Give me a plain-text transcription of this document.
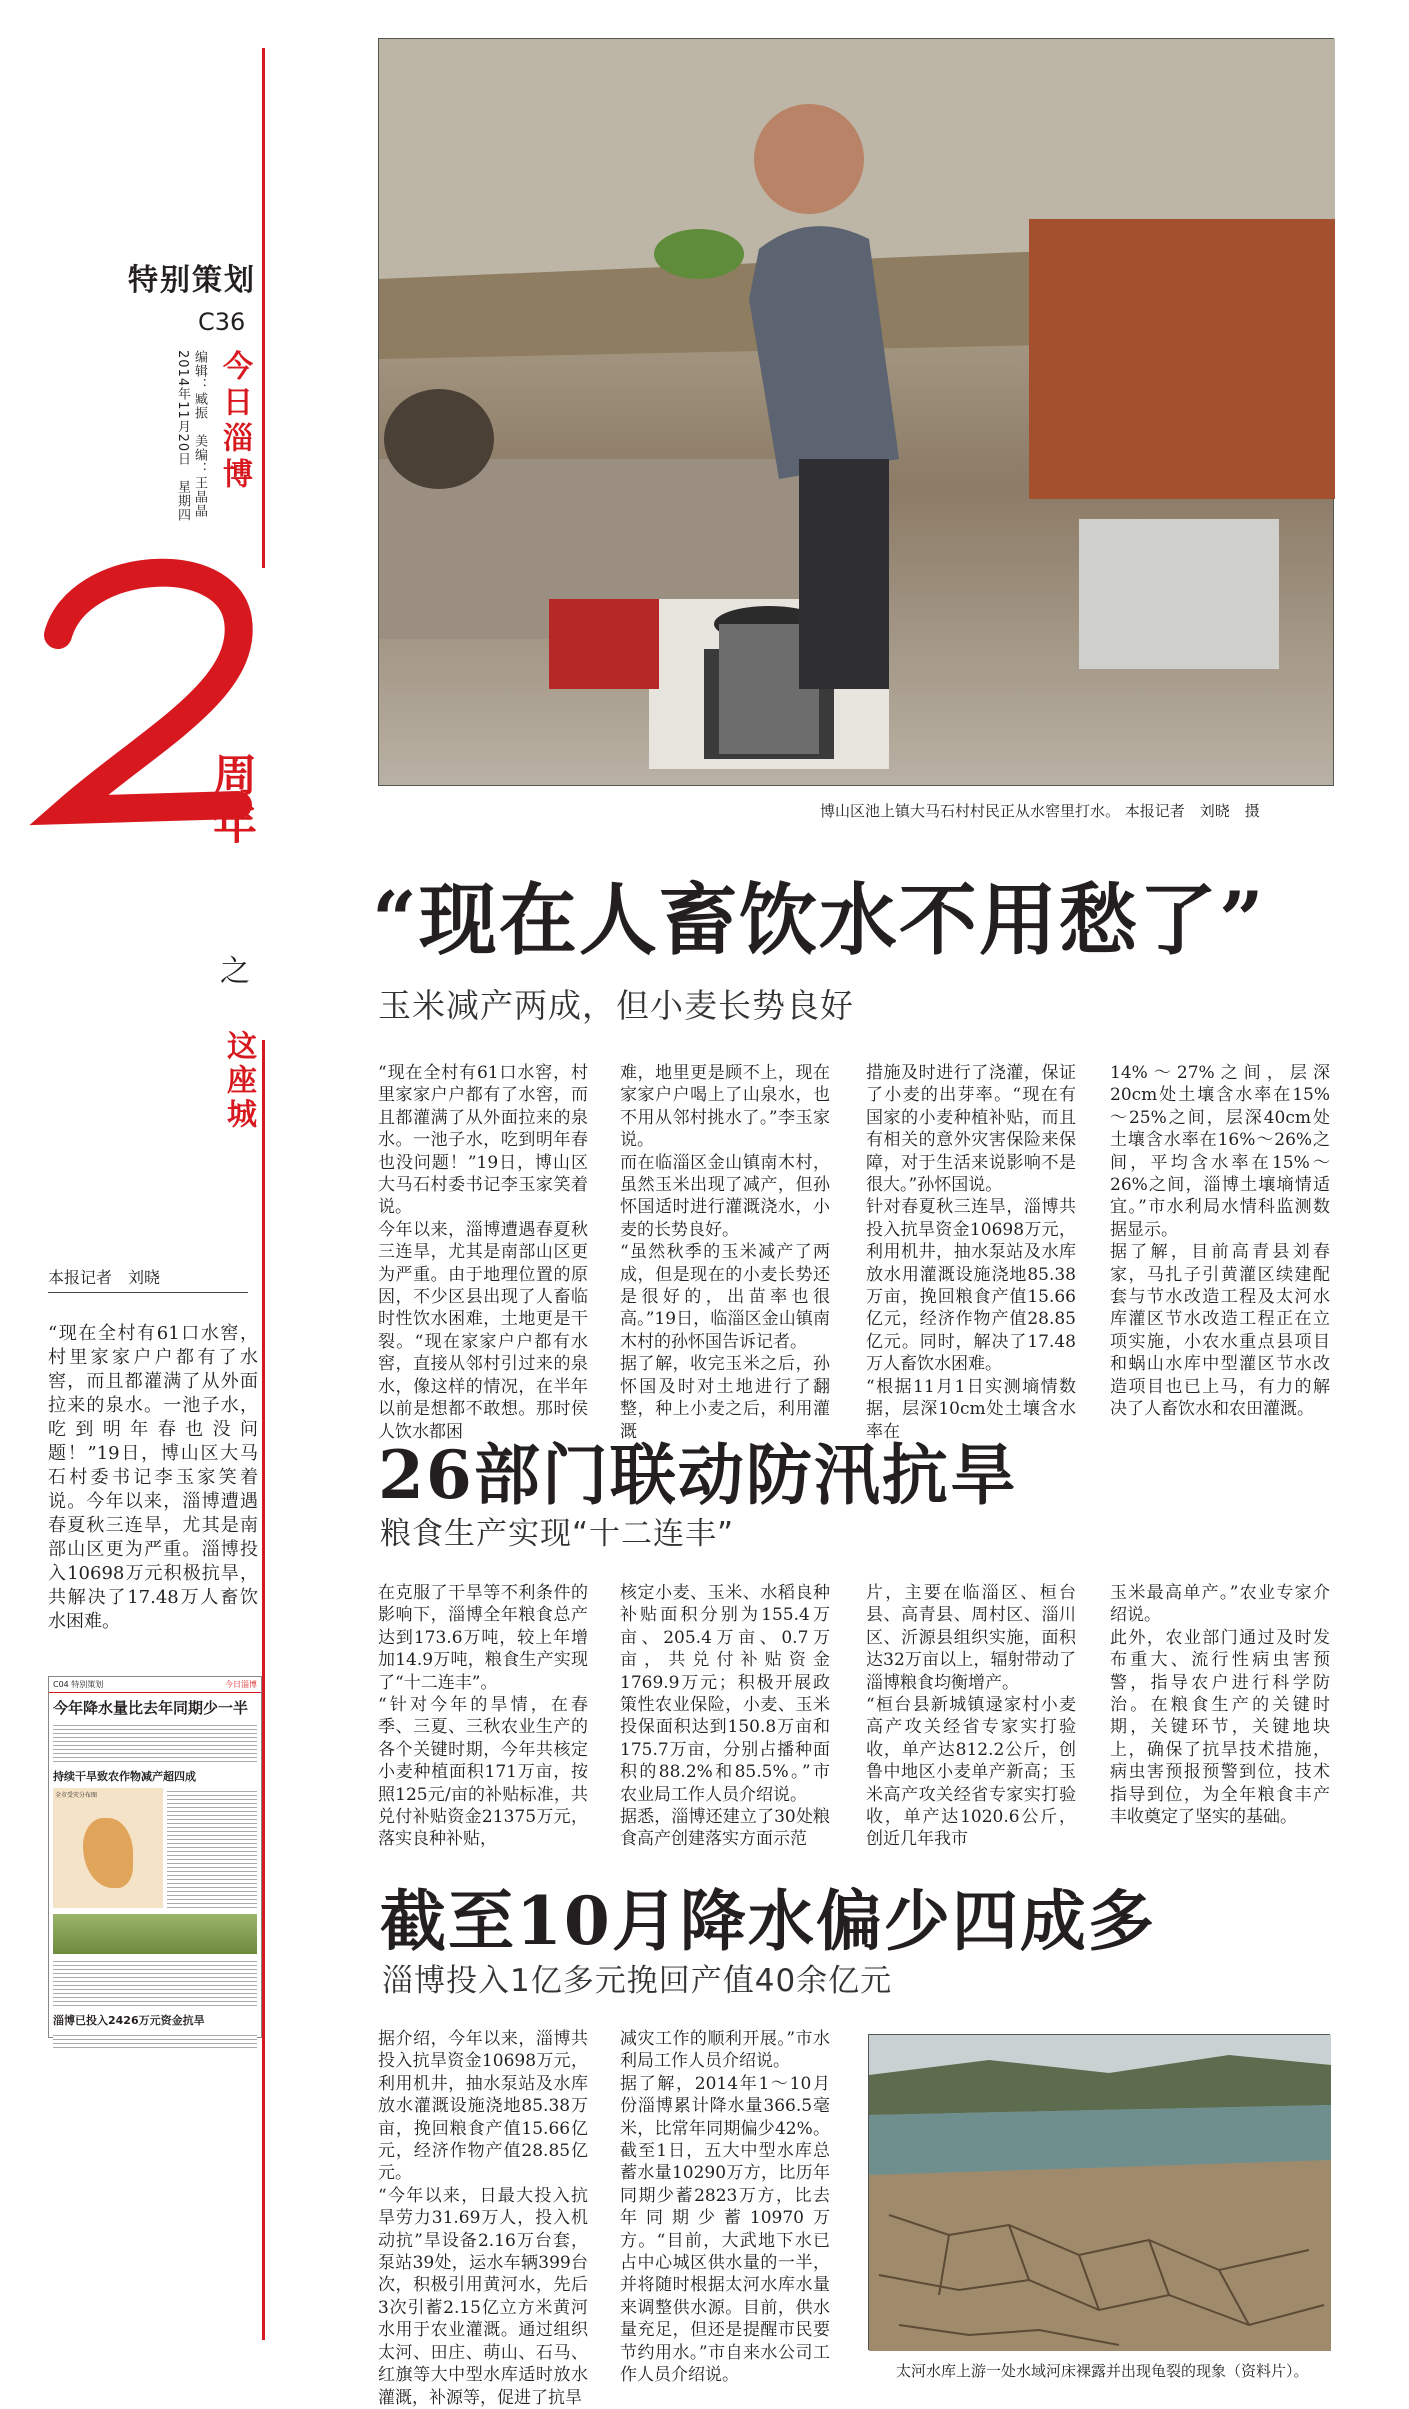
特别策划
C36
今日淄博
2014年11月20日　星期四 编辑：臧振　美编：王晶晶
周年
之
这座城
本报记者　刘晓
“现在全村有61口水窖，村里家家户户都有了水窖，而且都灌满了从外面拉来的泉水。一池子水，吃到明年春也没问题！”19日，博山区大马石村委书记李玉家笑着说。今年以来，淄博遭遇春夏秋三连旱，尤其是南部山区更为严重。淄博投入10698万元积极抗旱，共解决了17.48万人畜饮水困难。
C04 特别策划	今日淄博
今年降水量比去年同期少一半
持续干旱致农作物减产超四成
全市受灾分布图
淄博已投入2426万元资金抗旱
博山区池上镇大马石村村民正从水窖里打水。 本报记者　刘晓　摄
“现在人畜饮水不用愁了”
玉米减产两成，但小麦长势良好
“现在全村有61口水窖，村里家家户户都有了水窖，而且都灌满了从外面拉来的泉水。一池子水，吃到明年春也没问题！”19日，博山区大马石村委书记李玉家笑着说。
今年以来，淄博遭遇春夏秋三连旱，尤其是南部山区更为严重。由于地理位置的原因，不少区县出现了人畜临时性饮水困难，土地更是干裂。“现在家家户户都有水窖，直接从邻村引过来的泉水，像这样的情况，在半年以前是想都不敢想。那时侯人饮水都困
难，地里更是顾不上，现在家家户户喝上了山泉水，也不用从邻村挑水了。”李玉家说。
而在临淄区金山镇南木村，虽然玉米出现了减产，但孙怀国适时进行灌溉浇水，小麦的长势良好。
“虽然秋季的玉米减产了两成，但是现在的小麦长势还是很好的，出苗率也很高。”19日，临淄区金山镇南木村的孙怀国告诉记者。
据了解，收完玉米之后，孙怀国及时对土地进行了翻整，种上小麦之后，利用灌溉
措施及时进行了浇灌，保证了小麦的出芽率。“现在有国家的小麦种植补贴，而且有相关的意外灾害保险来保障，对于生活来说影响不是很大。”孙怀国说。
针对春夏秋三连旱，淄博共投入抗旱资金10698万元，利用机井，抽水泵站及水库放水用灌溉设施浇地85.38万亩，挽回粮食产值15.66亿元，经济作物产值28.85亿元。同时，解决了17.48万人畜饮水困难。
“根据11月1日实测墒情数据，层深10cm处土壤含水率在
14%～27%之间，层深20cm处土壤含水率在15%～25%之间，层深40cm处土壤含水率在16%～26%之间，平均含水率在15%～26%之间，淄博土壤墒情适宜。”市水利局水情科监测数据显示。
据了解，目前高青县刘春家，马扎子引黄灌区续建配套与节水改造工程及太河水库灌区节水改造工程正在立项实施，小农水重点县项目和蜗山水库中型灌区节水改造项目也已上马，有力的解决了人畜饮水和农田灌溉。
26部门联动防汛抗旱
粮食生产实现“十二连丰”
在克服了干旱等不利条件的影响下，淄博全年粮食总产达到173.6万吨，较上年增加14.9万吨，粮食生产实现了“十二连丰”。
“针对今年的旱情，在春季、三夏、三秋农业生产的各个关键时期，今年共核定小麦种植面积171万亩，按照125元/亩的补贴标准，共兑付补贴资金21375万元，落实良种补贴，
核定小麦、玉米、水稻良种补贴面积分别为155.4万亩、205.4万亩、0.7万亩，共兑付补贴资金1769.9万元；积极开展政策性农业保险，小麦、玉米投保面积达到150.8万亩和175.7万亩，分别占播种面积的88.2%和85.5%。”市农业局工作人员介绍说。
据悉，淄博还建立了30处粮食高产创建落实方面示范
片，主要在临淄区、桓台县、高青县、周村区、淄川区、沂源县组织实施，面积达32万亩以上，辐射带动了淄博粮食均衡增产。
“桓台县新城镇逯家村小麦高产攻关经省专家实打验收，单产达812.2公斤，创鲁中地区小麦单产新高；玉米高产攻关经省专家实打验收，单产达1020.6公斤，创近几年我市
玉米最高单产。”农业专家介绍说。
此外，农业部门通过及时发布重大、流行性病虫害预警，指导农户进行科学防治。在粮食生产的关键时期，关键环节，关键地块上，确保了抗旱技术措施，病虫害预报预警到位，技术指导到位，为全年粮食丰产丰收奠定了坚实的基础。
截至10月降水偏少四成多
淄博投入1亿多元挽回产值40余亿元
据介绍，今年以来，淄博共投入抗旱资金10698万元，利用机井，抽水泵站及水库放水灌溉设施浇地85.38万亩，挽回粮食产值15.66亿元，经济作物产值28.85亿元。
“今年以来，日最大投入抗旱劳力31.69万人，投入机动抗”旱设备2.16万台套，泵站39处，运水车辆399台次，积极引用黄河水，先后3次引蓄2.15亿立方米黄河水用于农业灌溉。通过组织太河、田庄、萌山、石马、红旗等大中型水库适时放水灌溉，补源等，促进了抗旱
减灾工作的顺利开展。”市水利局工作人员介绍说。
据了解，2014年1～10月份淄博累计降水量366.5毫米，比常年同期偏少42%。截至1日，五大中型水库总蓄水量10290万方，比历年同期少蓄2823万方，比去年同期少蓄10970万方。“目前，大武地下水已占中心城区供水量的一半，并将随时根据太河水库水量来调整供水源。目前，供水量充足，但还是提醒市民要节约用水。”市自来水公司工作人员介绍说。	太河水库上游一处水域河床裸露并出现龟裂的现象（资料片）。
